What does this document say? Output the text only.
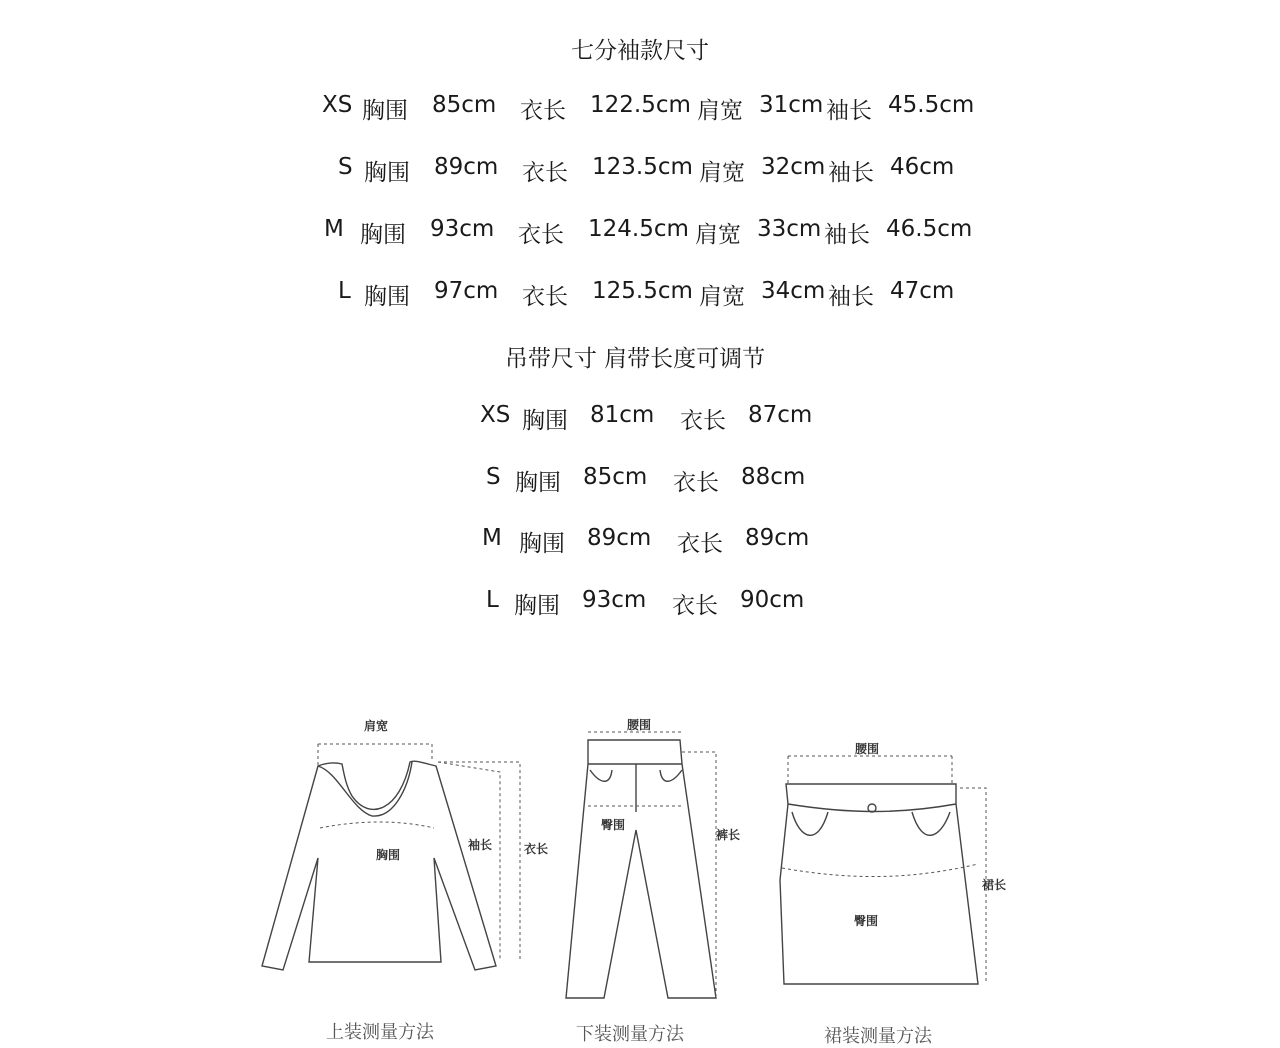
七分袖款尺寸
XS 胸围 85cm 衣长 122.5cm 肩宽 31cm 袖长 45.5cm
S 胸围 89cm 衣长 123.5cm 肩宽 32cm 袖长 46cm
M 胸围 93cm 衣长 124.5cm 肩宽 33cm 袖长 46.5cm
L 胸围 97cm 衣长 125.5cm 肩宽 34cm 袖长 47cm
吊带尺寸 肩带长度可调节
XS 胸围 81cm 衣长 87cm
S 胸围 85cm 衣长 88cm
M 胸围 89cm 衣长 89cm
L 胸围 93cm 衣长 90cm
肩宽
袖长	衣长
胸围
腰围
臀围
裤长
腰围
裙长
臀围
上装测量方法	下装测量方法	裙装测量方法
